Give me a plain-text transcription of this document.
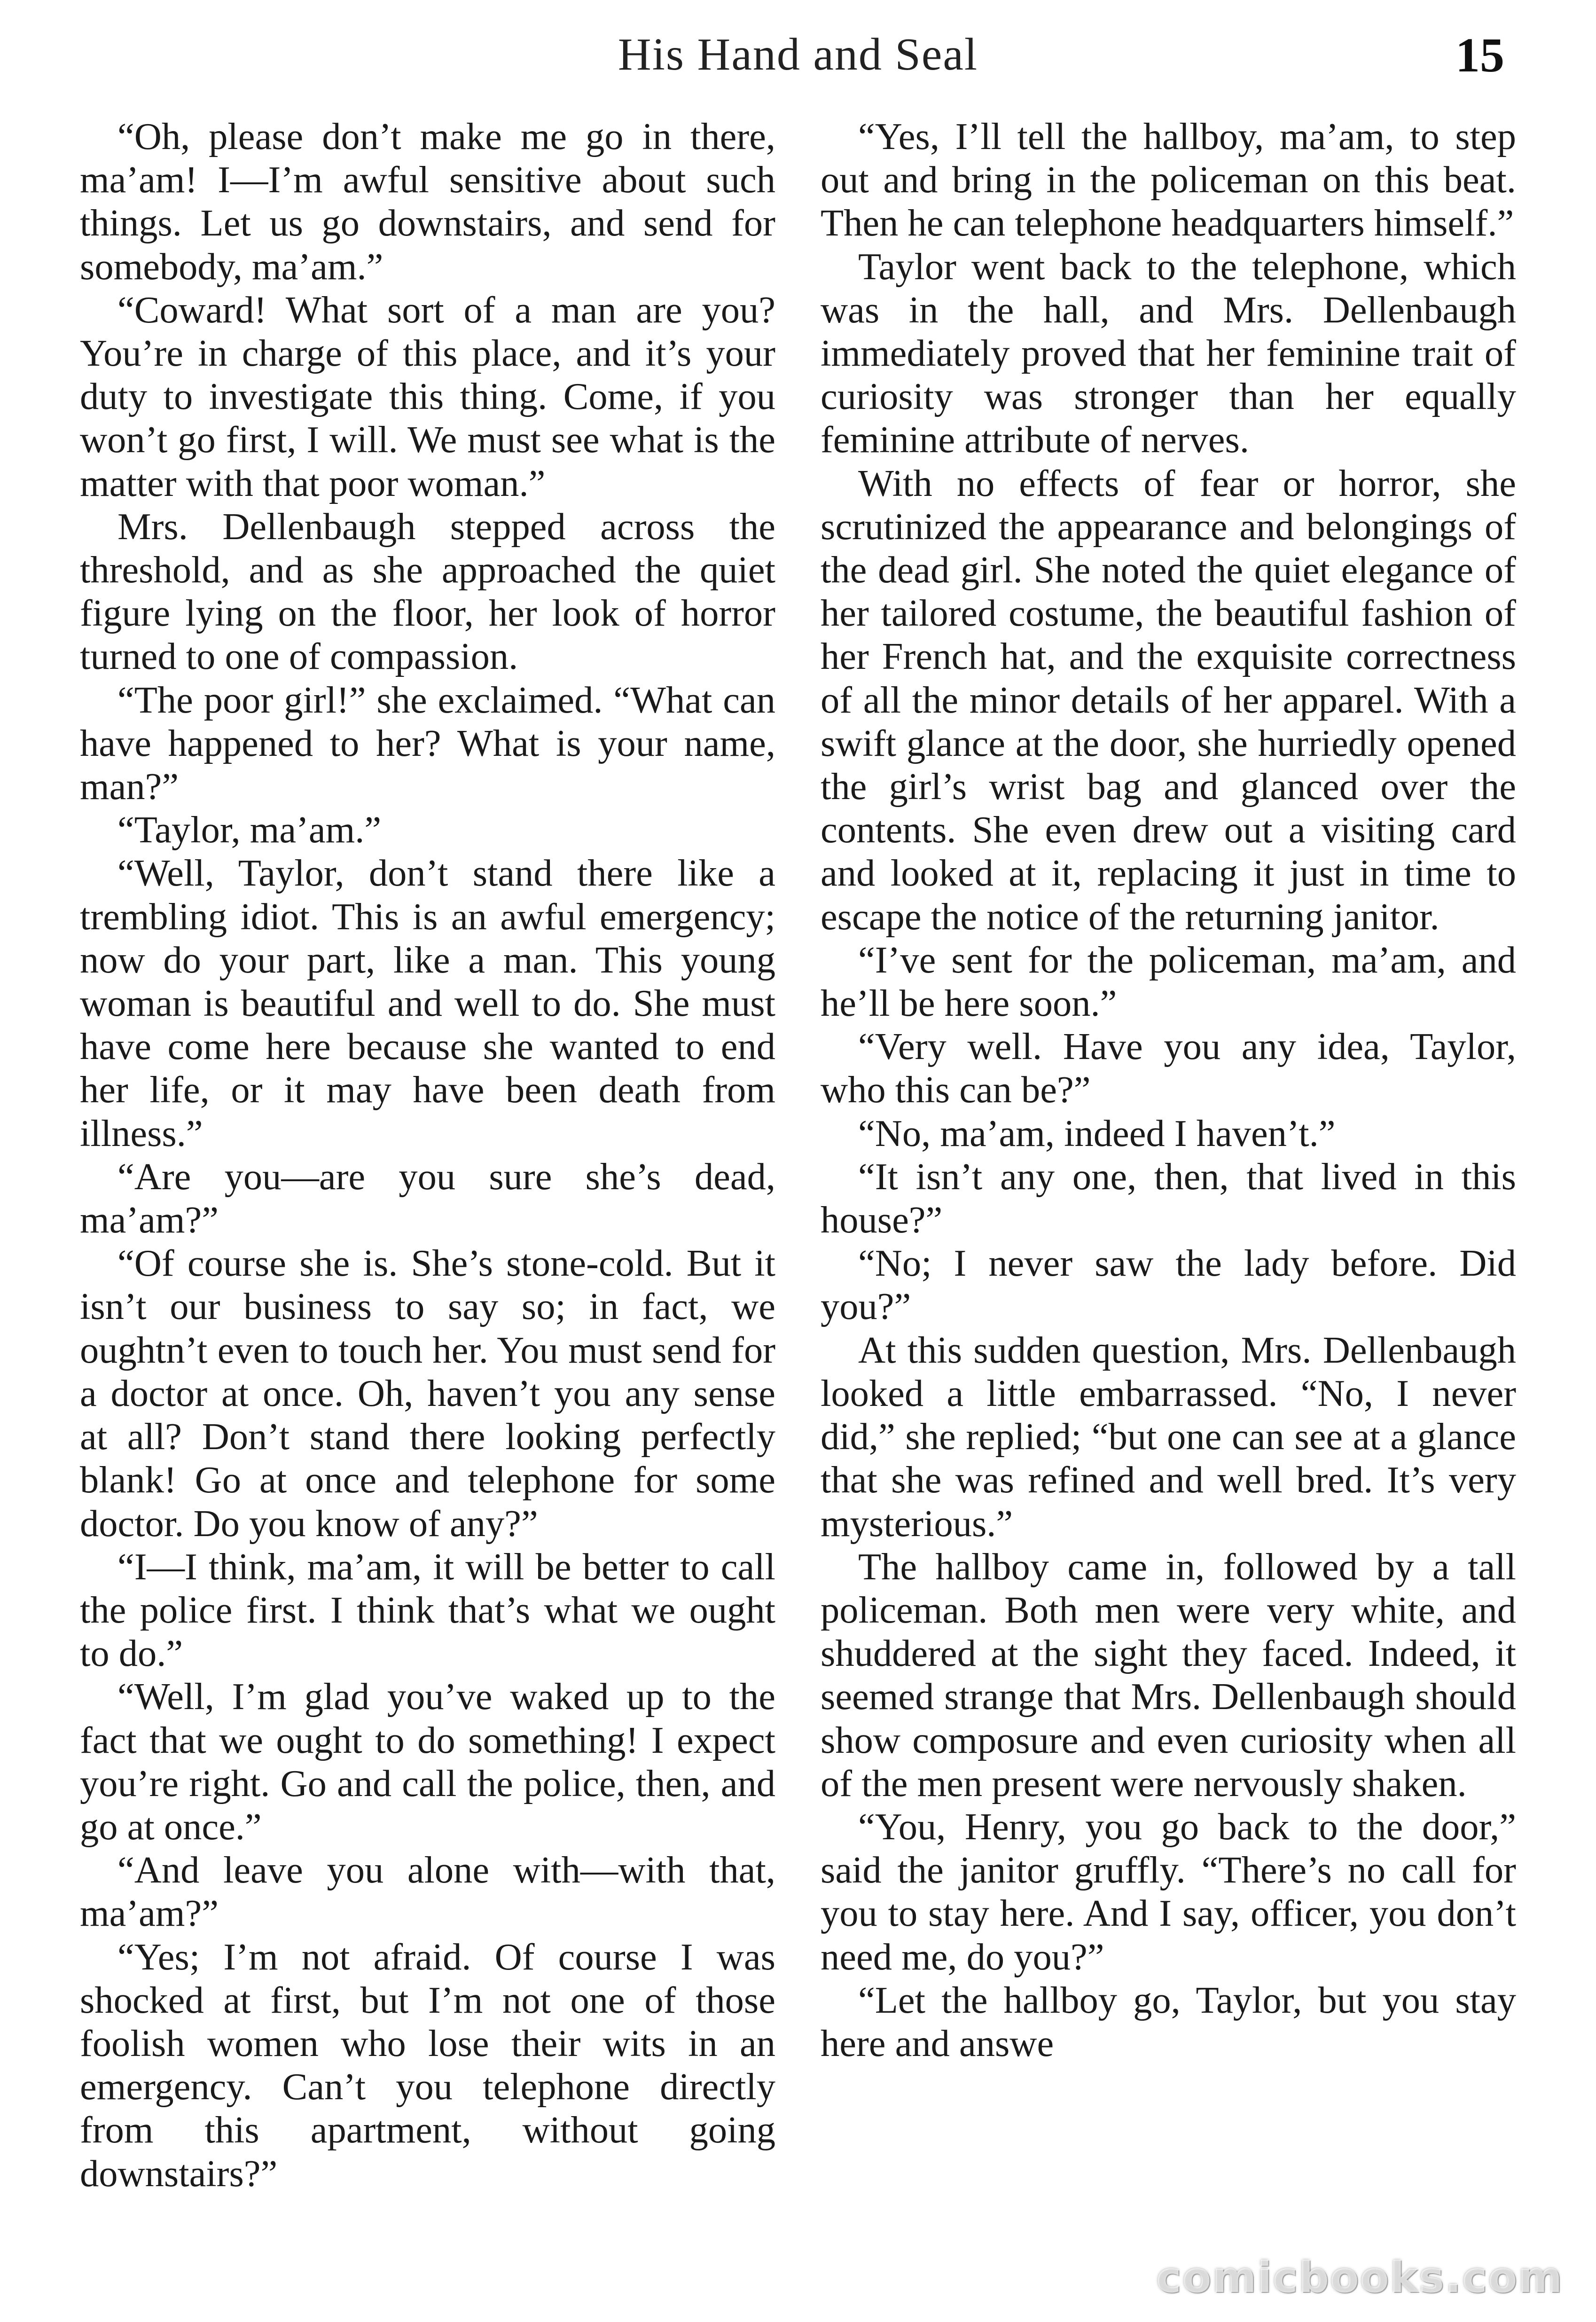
His Hand and Seal	15

“Oh, please don’t make me go in there, ma’am! I—I’m awful sensitive about such things. Let us go downstairs, and send for somebody, ma’am.”

“Coward! What sort of a man are you? You’re in charge of this place, and it’s your duty to investigate this thing. Come, if you won’t go first, I will. We must see what is the matter with that poor woman.”

Mrs. Dellenbaugh stepped across the threshold, and as she approached the quiet figure lying on the floor, her look of horror turned to one of compassion.

“The poor girl!” she exclaimed. “What can have happened to her? What is your name, man?”

“Taylor, ma’am.”

“Well, Taylor, don’t stand there like a trembling idiot. This is an awful emergency; now do your part, like a man. This young woman is beautiful and well to do. She must have come here because she wanted to end her life, or it may have been death from illness.”

“Are you—are you sure she’s dead, ma’am?”

“Of course she is. She’s stone-cold. But it isn’t our business to say so; in fact, we oughtn’t even to touch her. You must send for a doctor at once. Oh, haven’t you any sense at all? Don’t stand there looking perfectly blank! Go at once and telephone for some doctor. Do you know of any?”

“I—I think, ma’am, it will be better to call the police first. I think that’s what we ought to do.”

“Well, I’m glad you’ve waked up to the fact that we ought to do something! I expect you’re right. Go and call the police, then, and go at once.”

“And leave you alone with—with that, ma’am?”

“Yes; I’m not afraid. Of course I was shocked at first, but I’m not one of those foolish women who lose their wits in an emergency. Can’t you telephone directly from this apartment, without going downstairs?”

“Yes, I’ll tell the hallboy, ma’am, to step out and bring in the policeman on this beat. Then he can telephone headquarters himself.”

Taylor went back to the telephone, which was in the hall, and Mrs. Dellenbaugh immediately proved that her feminine trait of curiosity was stronger than her equally feminine attribute of nerves.

With no effects of fear or horror, she scrutinized the appearance and belongings of the dead girl. She noted the quiet elegance of her tailored costume, the beautiful fashion of her French hat, and the exquisite correctness of all the minor details of her apparel. With a swift glance at the door, she hurriedly opened the girl’s wrist bag and glanced over the contents. She even drew out a visiting card and looked at it, replacing it just in time to escape the notice of the returning janitor.

“I’ve sent for the policeman, ma’am, and he’ll be here soon.”

“Very well. Have you any idea, Taylor, who this can be?”

“No, ma’am, indeed I haven’t.”

“It isn’t any one, then, that lived in this house?”

“No; I never saw the lady before. Did you?”

At this sudden question, Mrs. Dellenbaugh looked a little embarrassed. “No, I never did,” she replied; “but one can see at a glance that she was refined and well bred. It’s very mysterious.”

The hallboy came in, followed by a tall policeman. Both men were very white, and shuddered at the sight they faced. Indeed, it seemed strange that Mrs. Dellenbaugh should show composure and even curiosity when all of the men present were nervously shaken.

“You, Henry, you go back to the door,” said the janitor gruffly. “There’s no call for you to stay here. And I say, officer, you don’t need me, do you?”

“Let the hallboy go, Taylor, but you stay here and answe

comicbooks.com
